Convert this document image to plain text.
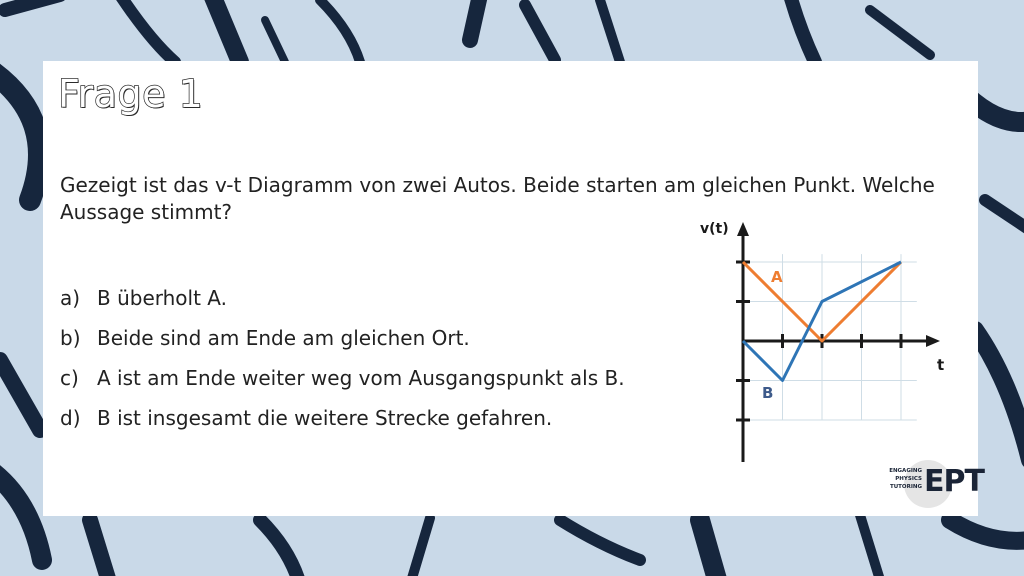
Frage 1
Gezeigt ist das v-t Diagramm von zwei Autos. Beide starten am gleichen Punkt. Welche Aussage stimmt?
a) B überholt A.
b) Beide sind am Ende am gleichen Ort.
c) A ist am Ende weiter weg vom Ausgangspunkt als B.
d) B ist insgesamt die weitere Strecke gefahren.
A
B
v(t)
t
ENGAGING
PHYSICS
TUTORING EPT
